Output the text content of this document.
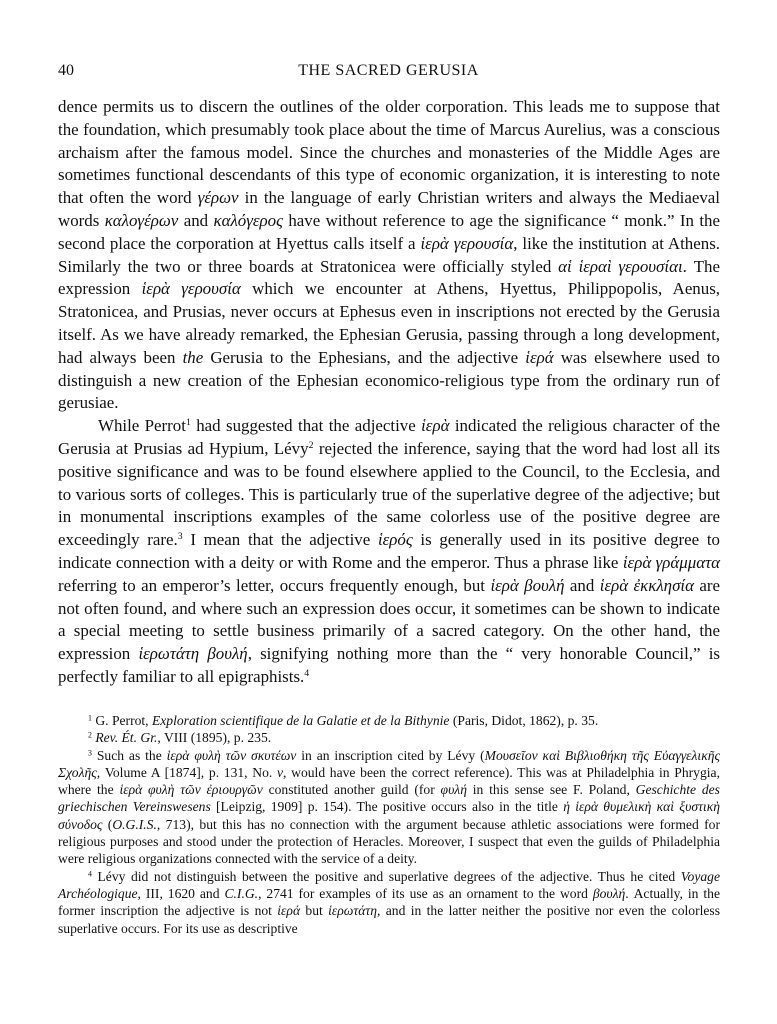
40	THE SACRED GERUSIA

dence permits us to discern the outlines of the older corporation. This leads me to suppose that the foundation, which presumably took place about the time of Marcus Aurelius, was a conscious archaism after the famous model. Since the churches and monasteries of the Middle Ages are sometimes functional descendants of this type of economic organization, it is interesting to note that often the word γέρων in the language of early Christian writers and always the Mediaeval words καλογέρων and καλόγερος have without reference to age the significance “ monk.” In the second place the corporation at Hyettus calls itself a ἱερὰ γερουσία, like the institution at Athens. Similarly the two or three boards at Stratonicea were officially styled αἱ ἱεραὶ γερουσίαι. The expression ἱερὰ γερουσία which we encounter at Athens, Hyettus, Philippopolis, Aenus, Stratonicea, and Prusias, never occurs at Ephesus even in inscriptions not erected by the Gerusia itself. As we have already remarked, the Ephesian Gerusia, passing through a long development, had always been the Gerusia to the Ephesians, and the adjective ἱερά was elsewhere used to distinguish a new creation of the Ephesian economico-religious type from the ordinary run of gerusiae.

While Perrot$^1$ had suggested that the adjective ἱερὰ indicated the religious character of the Gerusia at Prusias ad Hypium, Lévy$^2$ rejected the inference, saying that the word had lost all its positive significance and was to be found elsewhere applied to the Council, to the Ecclesia, and to various sorts of colleges. This is particularly true of the superlative degree of the adjective; but in monumental inscriptions examples of the same colorless use of the positive degree are exceedingly rare.$^3$ I mean that the adjective ἱερός is generally used in its positive degree to indicate connection with a deity or with Rome and the emperor. Thus a phrase like ἱερὰ γράμματα referring to an emperor’s letter, occurs frequently enough, but ἱερὰ βουλή and ἱερὰ ἐκκλησία are not often found, and where such an expression does occur, it sometimes can be shown to indicate a special meeting to settle business primarily of a sacred category. On the other hand, the expression ἱερωτάτη βουλή, signifying nothing more than the “ very honorable Council,” is perfectly familiar to all epigraphists.$^4$

$^1$ G. Perrot, Exploration scientifique de la Galatie et de la Bithynie (Paris, Didot, 1862), p. 35.

$^2$ Rev. Ét. Gr., VIII (1895), p. 235.

$^3$ Such as the ἱερὰ φυλὴ τῶν σκυτέων in an inscription cited by Lévy (Μουσεῖον καὶ Βιβλιοθήκη τῆς Εὐαγγελικῆς Σχολῆς, Volume A [1874], p. 131, No. ν, would have been the correct reference). This was at Philadelphia in Phrygia, where the ἱερὰ φυλὴ τῶν ἐριουργῶν constituted another guild (for φυλή in this sense see F. Poland, Geschichte des griechischen Vereinswesens [Leipzig, 1909] p. 154). The positive occurs also in the title ἡ ἱερὰ θυμελικὴ καὶ ξυστικὴ σύνοδος (O.G.I.S., 713), but this has no connection with the argument because athletic associations were formed for religious purposes and stood under the protection of Heracles. Moreover, I suspect that even the guilds of Philadelphia were religious organizations connected with the service of a deity.

$^4$ Lévy did not distinguish between the positive and superlative degrees of the adjective. Thus he cited Voyage Archéologique, III, 1620 and C.I.G., 2741 for examples of its use as an ornament to the word βουλή. Actually, in the former inscription the adjective is not ἱερά but ἱερωτάτη, and in the latter neither the positive nor even the colorless superlative occurs. For its use as descriptive
